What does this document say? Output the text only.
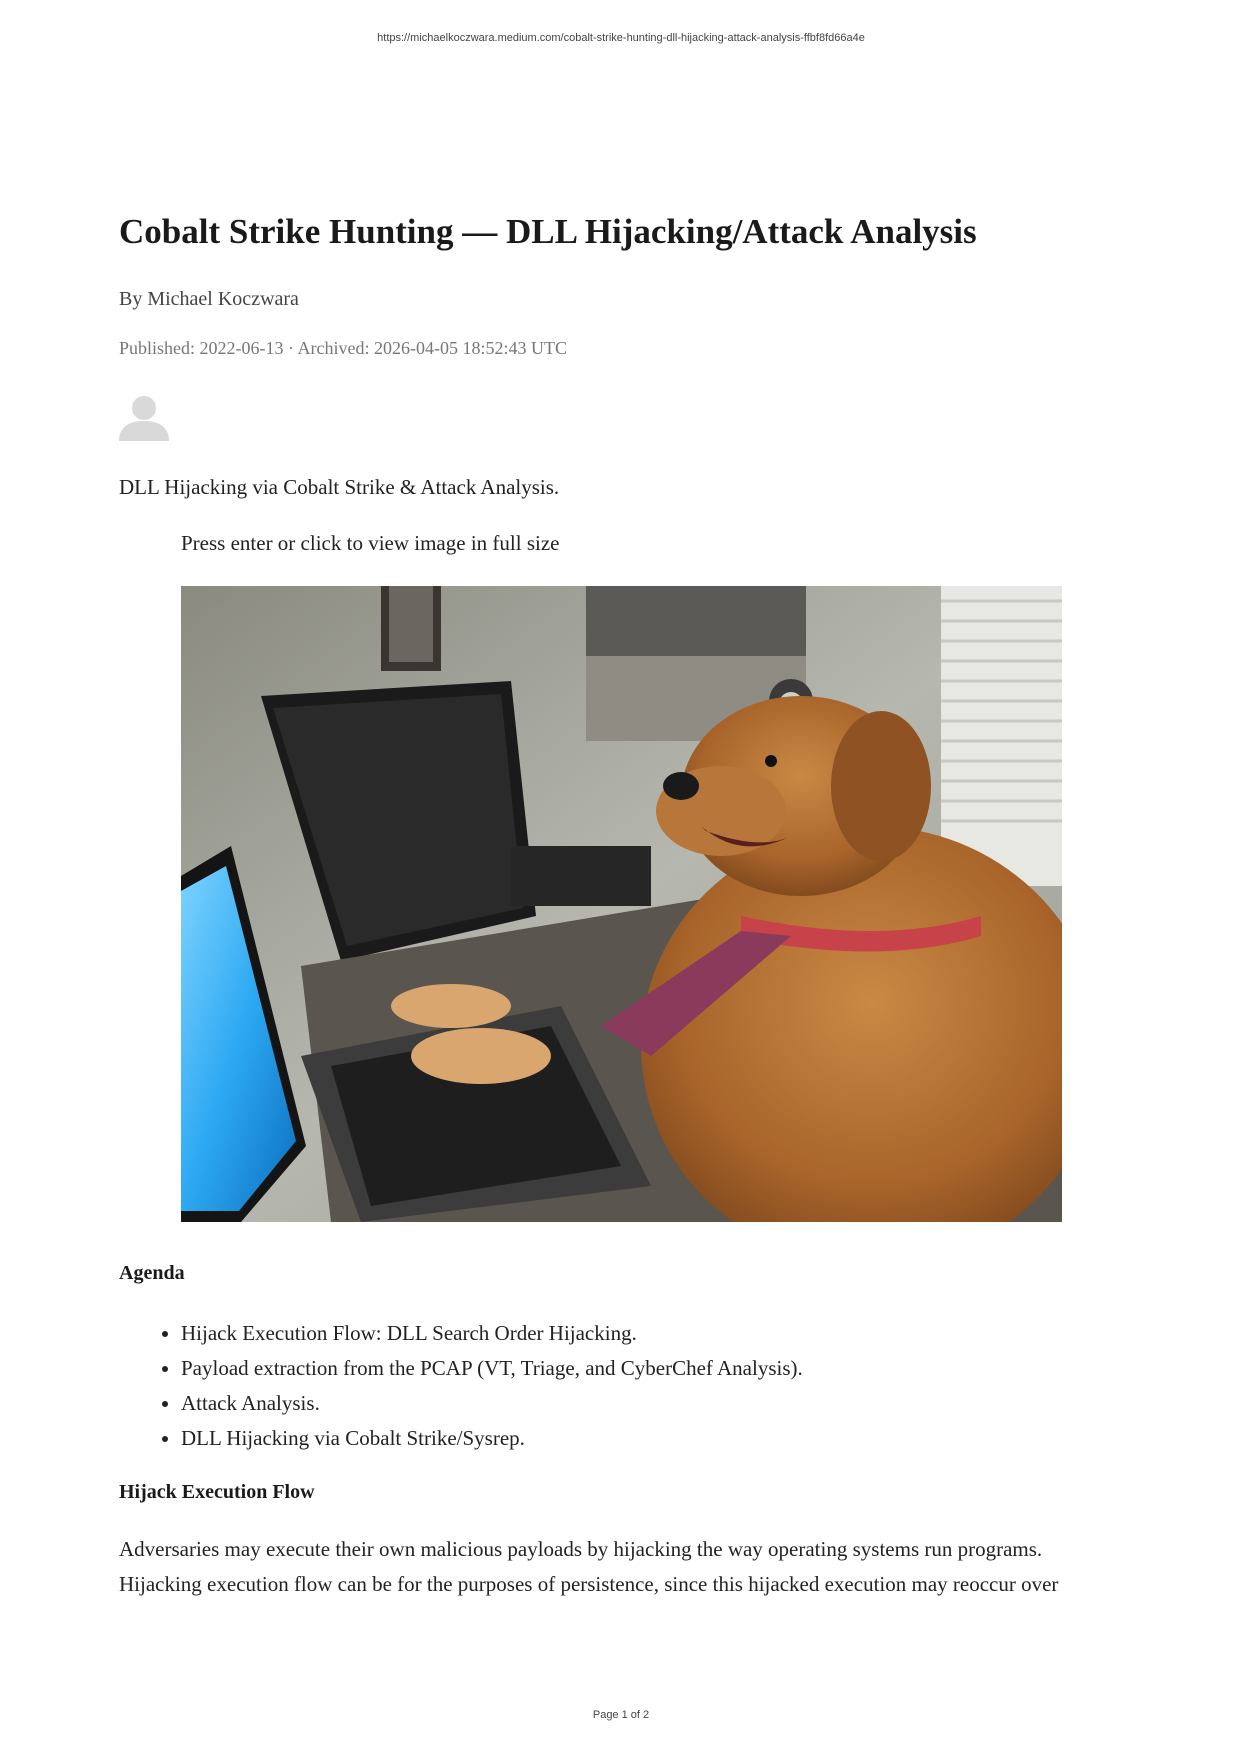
https://michaelkoczwara.medium.com/cobalt-strike-hunting-dll-hijacking-attack-analysis-ffbf8fd66a4e
Cobalt Strike Hunting — DLL Hijacking/Attack Analysis
By Michael Koczwara
Published: 2022-06-13 · Archived: 2026-04-05 18:52:43 UTC
DLL Hijacking via Cobalt Strike & Attack Analysis.
Press enter or click to view image in full size
Agenda
• Hijack Execution Flow: DLL Search Order Hijacking.
• Payload extraction from the PCAP (VT, Triage, and CyberChef Analysis).
• Attack Analysis.
• DLL Hijacking via Cobalt Strike/Sysrep.
Hijack Execution Flow

Adversaries may execute their own malicious payloads by hijacking the way operating systems run programs. Hijacking execution flow can be for the purposes of persistence, since this hijacked execution may reoccur over

Page 1 of 2
